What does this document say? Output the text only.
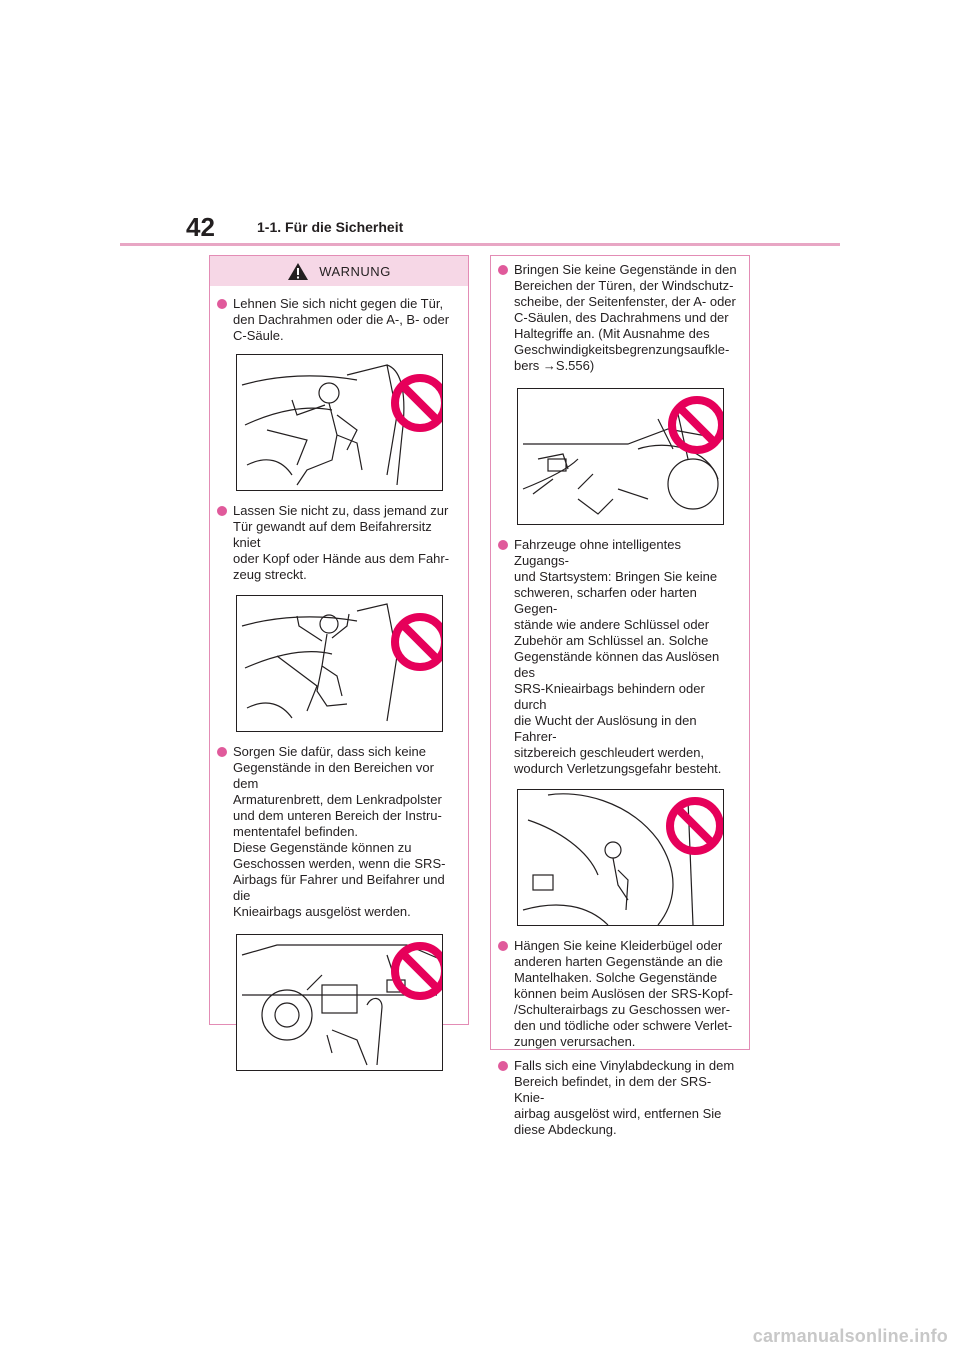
42	1-1. Für die Sicherheit
WARNUNG
Lehnen Sie sich nicht gegen die Tür,
den Dachrahmen oder die A-, B- oder
C-Säule.
Lassen Sie nicht zu, dass jemand zur
Tür gewandt auf dem Beifahrersitz kniet
oder Kopf oder Hände aus dem Fahr-
zeug streckt.
Sorgen Sie dafür, dass sich keine
Gegenstände in den Bereichen vor dem
Armaturenbrett, dem Lenkradpolster
und dem unteren Bereich der Instru-
mententafel befinden.
Diese Gegenstände können zu
Geschossen werden, wenn die SRS-
Airbags für Fahrer und Beifahrer und die
Knieairbags ausgelöst werden.
Bringen Sie keine Gegenstände in den
Bereichen der Türen, der Windschutz-
scheibe, der Seitenfenster, der A- oder
C-Säulen, des Dachrahmens und der
Haltegriffe an. (Mit Ausnahme des
Geschwindigkeitsbegrenzungsaufkle-
bers →S.556)
Fahrzeuge ohne intelligentes Zugangs-
und Startsystem: Bringen Sie keine
schweren, scharfen oder harten Gegen-
stände wie andere Schlüssel oder
Zubehör am Schlüssel an. Solche
Gegenstände können das Auslösen des
SRS-Knieairbags behindern oder durch
die Wucht der Auslösung in den Fahrer-
sitzbereich geschleudert werden,
wodurch Verletzungsgefahr besteht.
Hängen Sie keine Kleiderbügel oder
anderen harten Gegenstände an die
Mantelhaken. Solche Gegenstände
können beim Auslösen der SRS-Kopf-
/Schulterairbags zu Geschossen wer-
den und tödliche oder schwere Verlet-
zungen verursachen.
Falls sich eine Vinylabdeckung in dem
Bereich befindet, in dem der SRS-Knie-
airbag ausgelöst wird, entfernen Sie
diese Abdeckung.
carmanualsonline.info
